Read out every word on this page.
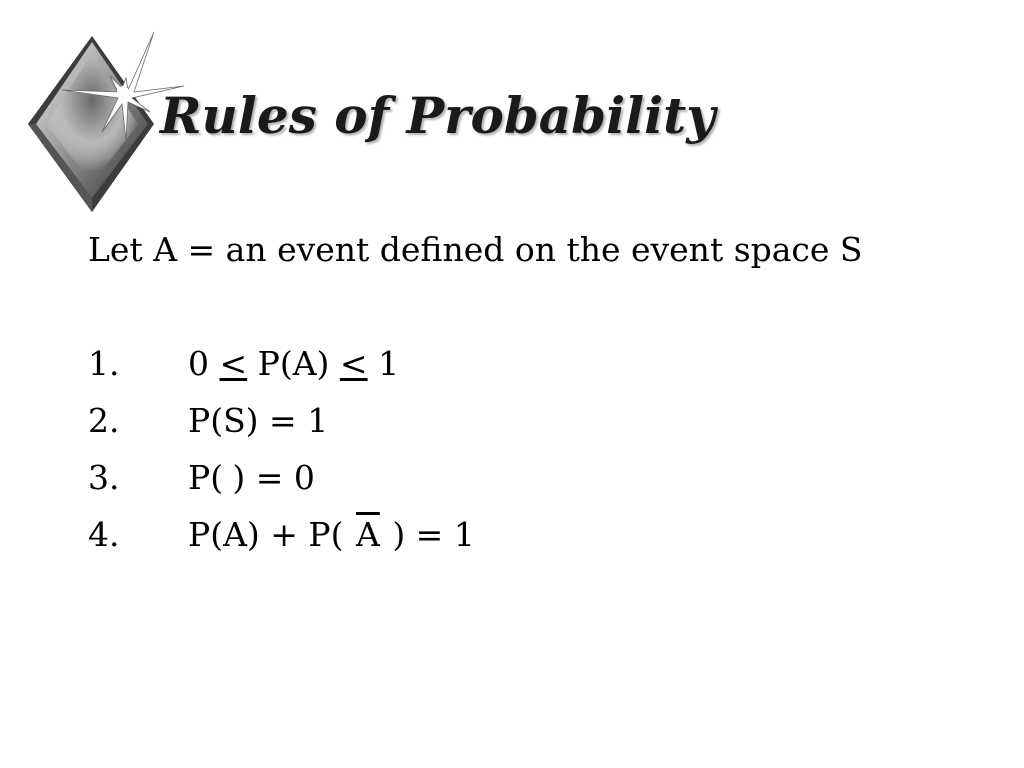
Rules of Probability

Let A = an event defined on the event space S

1. 0 ≤ P(A) ≤ 1
2. P(S) = 1
3. P( ) = 0
4. P(A) + P( $\overline{A}$ ) = 1
